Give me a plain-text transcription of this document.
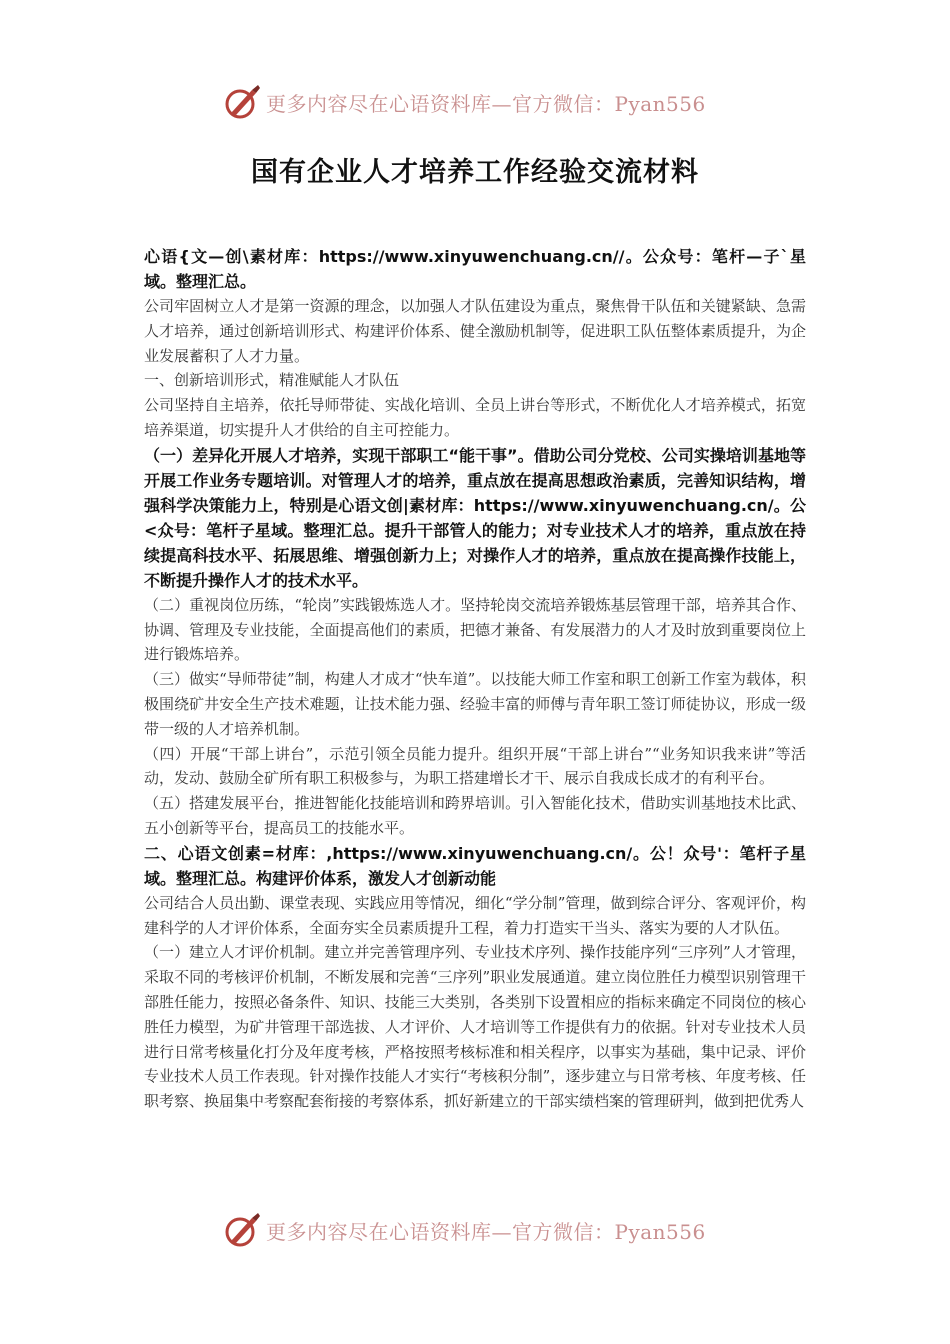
更多内容尽在心语资料库—官方微信：Pyan556
国有企业人才培养工作经验交流材料

心语{文—创\素材库：https://www.xinyuwenchuang.cn//。公众号：笔杆—子`星域。整理汇总。

公司牢固树立人才是第一资源的理念，以加强人才队伍建设为重点，聚焦骨干队伍和关键紧缺、急需人才培养，通过创新培训形式、构建评价体系、健全激励机制等，促进职工队伍整体素质提升，为企业发展蓄积了人才力量。

一、创新培训形式，精准赋能人才队伍

公司坚持自主培养，依托导师带徒、实战化培训、全员上讲台等形式，不断优化人才培养模式，拓宽培养渠道，切实提升人才供给的自主可控能力。

（一）差异化开展人才培养，实现干部职工“能干事”。借助公司分党校、公司实操培训基地等开展工作业务专题培训。对管理人才的培养，重点放在提高思想政治素质，完善知识结构，增强科学决策能力上，特别是心语文创|素材库：https://www.xinyuwenchuang.cn/。公<众号：笔杆子星域。整理汇总。提升干部管人的能力；对专业技术人才的培养，重点放在持续提高科技水平、拓展思维、增强创新力上；对操作人才的培养，重点放在提高操作技能上，不断提升操作人才的技术水平。

（二）重视岗位历练，“轮岗”实践锻炼选人才。坚持轮岗交流培养锻炼基层管理干部，培养其合作、协调、管理及专业技能，全面提高他们的素质，把德才兼备、有发展潜力的人才及时放到重要岗位上进行锻炼培养。

（三）做实“导师带徒”制，构建人才成才“快车道”。以技能大师工作室和职工创新工作室为载体，积极围绕矿井安全生产技术难题，让技术能力强、经验丰富的师傅与青年职工签订师徒协议，形成一级带一级的人才培养机制。

（四）开展“干部上讲台”，示范引领全员能力提升。组织开展“干部上讲台”“业务知识我来讲”等活动，发动、鼓励全矿所有职工积极参与，为职工搭建增长才干、展示自我成长成才的有利平台。

（五）搭建发展平台，推进智能化技能培训和跨界培训。引入智能化技术，借助实训基地技术比武、五小创新等平台，提高员工的技能水平。

二、心语文创素=材库：,https://www.xinyuwenchuang.cn/。公！众号'：笔杆子星域。整理汇总。构建评价体系，激发人才创新动能

公司结合人员出勤、课堂表现、实践应用等情况，细化“学分制”管理，做到综合评分、客观评价，构建科学的人才评价体系，全面夯实全员素质提升工程，着力打造实干当头、落实为要的人才队伍。

（一）建立人才评价机制。建立并完善管理序列、专业技术序列、操作技能序列“三序列”人才管理，采取不同的考核评价机制，不断发展和完善“三序列”职业发展通道。建立岗位胜任力模型识别管理干部胜任能力，按照必备条件、知识、技能三大类别，各类别下设置相应的指标来确定不同岗位的核心胜任力模型，为矿井管理干部选拔、人才评价、人才培训等工作提供有力的依据。针对专业技术人员进行日常考核量化打分及年度考核，严格按照考核标准和相关程序，以事实为基础，集中记录、评价专业技术人员工作表现。针对操作技能人才实行“考核积分制”，逐步建立与日常考核、年度考核、任职考察、换届集中考察配套衔接的考察体系，抓好新建立的干部实绩档案的管理研判，做到把优秀人

更多内容尽在心语资料库—官方微信：Pyan556
